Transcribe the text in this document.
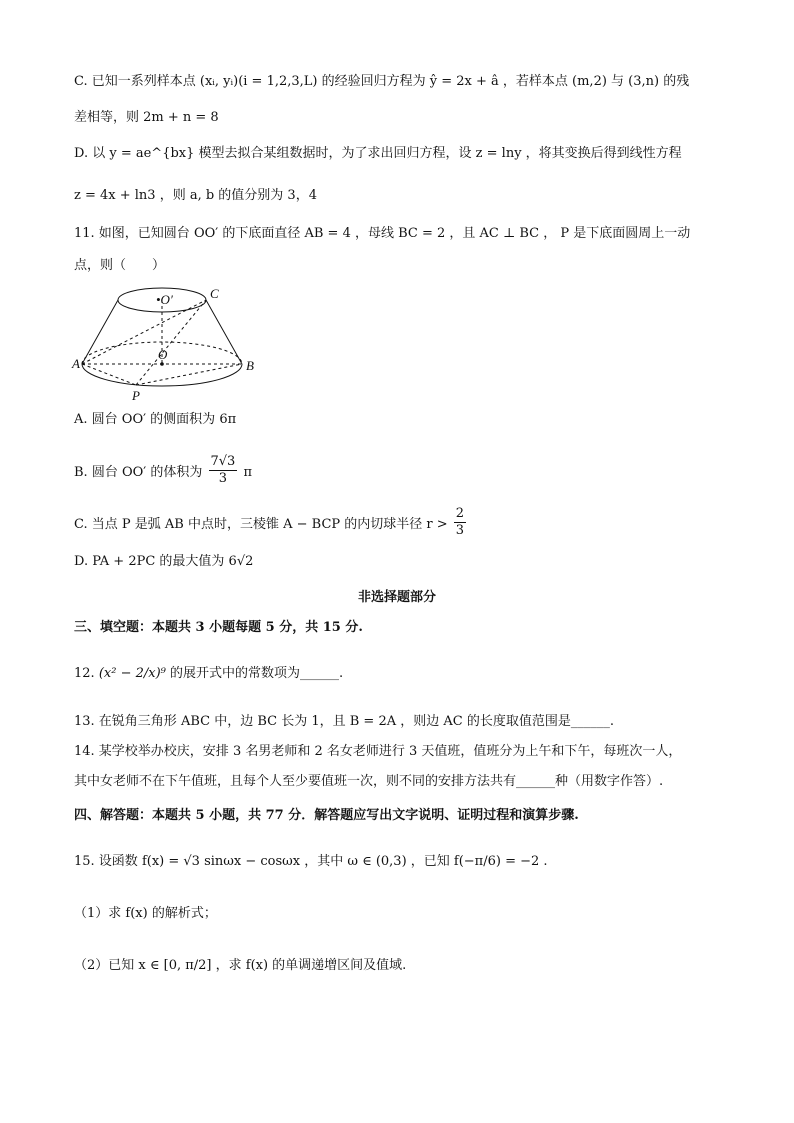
C. 已知一系列样本点 (xᵢ, yᵢ)(i = 1,2,3,L) 的经验回归方程为 ŷ = 2x + â ，若样本点 (m,2) 与 (3,n) 的残
差相等，则 2m + n = 8
D. 以 y = ae^{bx} 模型去拟合某组数据时，为了求出回归方程，设 z = lny ，将其变换后得到线性方程
z = 4x + ln3 ，则 a, b 的值分别为 3，4
11. 如图，已知圆台 OO′ 的下底面直径 AB = 4 ，母线 BC = 2 ，且 AC ⊥ BC ， P 是下底面圆周上一动
点，则（　　）
•O′	C
O
A	B
P
A. 圆台 OO′ 的侧面积为 6π
B. 圆台 OO′ 的体积为 $\frac{7√3}{3}$ π
C. 当点 P 是弧 AB 中点时，三棱锥 A − BCP 的内切球半径 $r > \frac{2}{3}$
D. PA + 2PC 的最大值为 6√2
非选择题部分
三、填空题：本题共 3 小题每题 5 分，共 15 分.
12. (x² − 2/x)⁹ 的展开式中的常数项为______.
13. 在锐角三角形 ABC 中，边 BC 长为 1，且 B = 2A ，则边 AC 的长度取值范围是______.
14. 某学校举办校庆，安排 3 名男老师和 2 名女老师进行 3 天值班，值班分为上午和下午，每班次一人，
其中女老师不在下午值班，且每个人至少要值班一次，则不同的安排方法共有______种（用数字作答）.
四、解答题：本题共 5 小题，共 77 分．解答题应写出文字说明、证明过程和演算步骤.
15. 设函数 f(x) = √3 sinωx − cosωx ，其中 ω ∈ (0,3) ，已知 f(−π/6) = −2 .
（1）求 f(x) 的解析式；
（2）已知 x ∈ [0, π/2] ，求 f(x) 的单调递增区间及值域.
